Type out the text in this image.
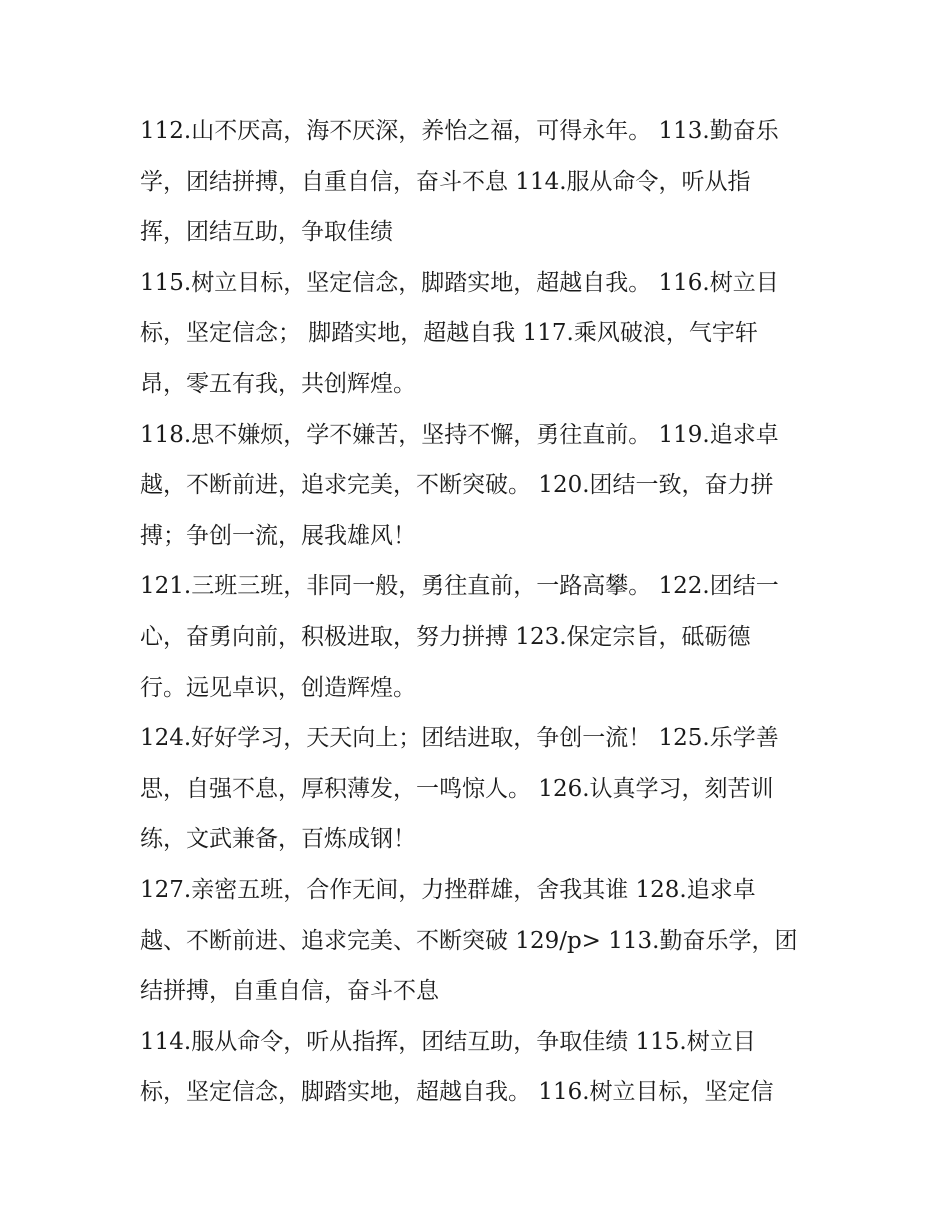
112.山不厌高，海不厌深，养怡之福，可得永年。 113.勤奋乐
学，团结拼搏，自重自信，奋斗不息 114.服从命令，听从指
挥，团结互助，争取佳绩
115.树立目标，坚定信念，脚踏实地，超越自我。 116.树立目
标，坚定信念； 脚踏实地，超越自我 117.乘风破浪，气宇轩
昂，零五有我，共创辉煌。
118.思不嫌烦，学不嫌苦，坚持不懈，勇往直前。 119.追求卓
越，不断前进，追求完美，不断突破。 120.团结一致，奋力拼
搏；争创一流，展我雄风！
121.三班三班，非同一般，勇往直前，一路高攀。 122.团结一
心，奋勇向前，积极进取，努力拼搏 123.保定宗旨，砥砺德
行。远见卓识，创造辉煌。
124.好好学习，天天向上；团结进取，争创一流！ 125.乐学善
思，自强不息，厚积薄发，一鸣惊人。 126.认真学习，刻苦训
练，文武兼备，百炼成钢！
127.亲密五班，合作无间，力挫群雄，舍我其谁 128.追求卓
越、不断前进、追求完美、不断突破 129/p> 113.勤奋乐学，团
结拼搏，自重自信，奋斗不息
114.服从命令，听从指挥，团结互助，争取佳绩 115.树立目
标，坚定信念，脚踏实地，超越自我。 116.树立目标，坚定信
